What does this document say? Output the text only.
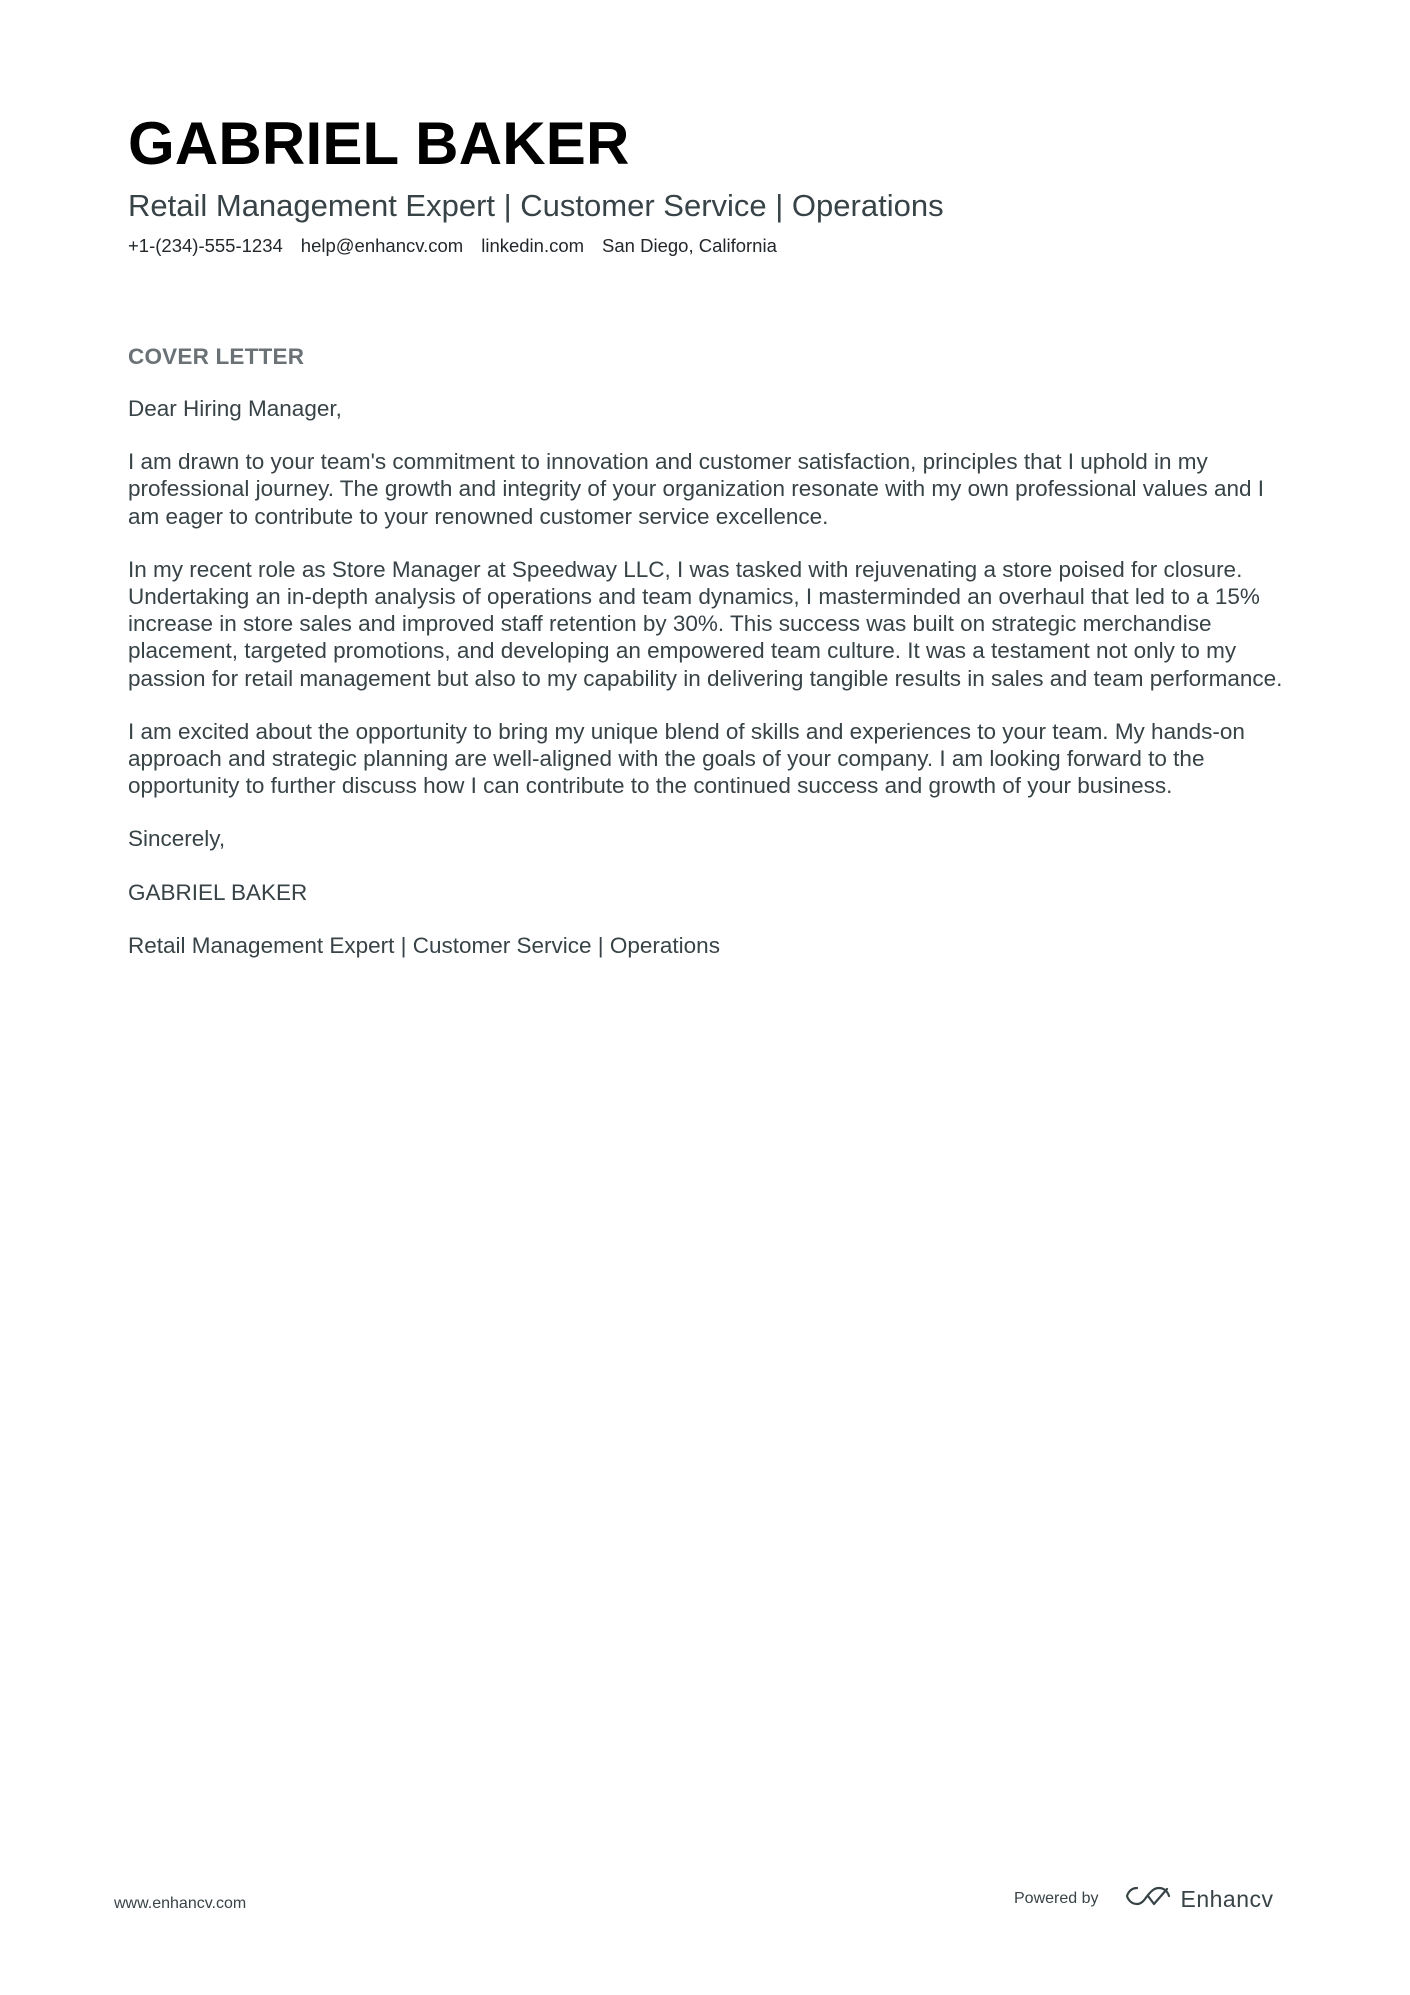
GABRIEL BAKER
Retail Management Expert | Customer Service | Operations
+1-(234)-555-1234 help@enhancv.com linkedin.com San Diego, California
COVER LETTER

Dear Hiring Manager,

I am drawn to your team's commitment to innovation and customer satisfaction, principles that I uphold in my professional journey. The growth and integrity of your organization resonate with my own professional values and I am eager to contribute to your renowned customer service excellence.

In my recent role as Store Manager at Speedway LLC, I was tasked with rejuvenating a store poised for closure. Undertaking an in-depth analysis of operations and team dynamics, I masterminded an overhaul that led to a 15% increase in store sales and improved staff retention by 30%. This success was built on strategic merchandise placement, targeted promotions, and developing an empowered team culture. It was a testament not only to my passion for retail management but also to my capability in delivering tangible results in sales and team performance.

I am excited about the opportunity to bring my unique blend of skills and experiences to your team. My hands-on approach and strategic planning are well-aligned with the goals of your company. I am looking forward to the opportunity to further discuss how I can contribute to the continued success and growth of your business.

Sincerely,

GABRIEL BAKER

Retail Management Expert | Customer Service | Operations

www.enhancv.com	Powered by	Enhancv
